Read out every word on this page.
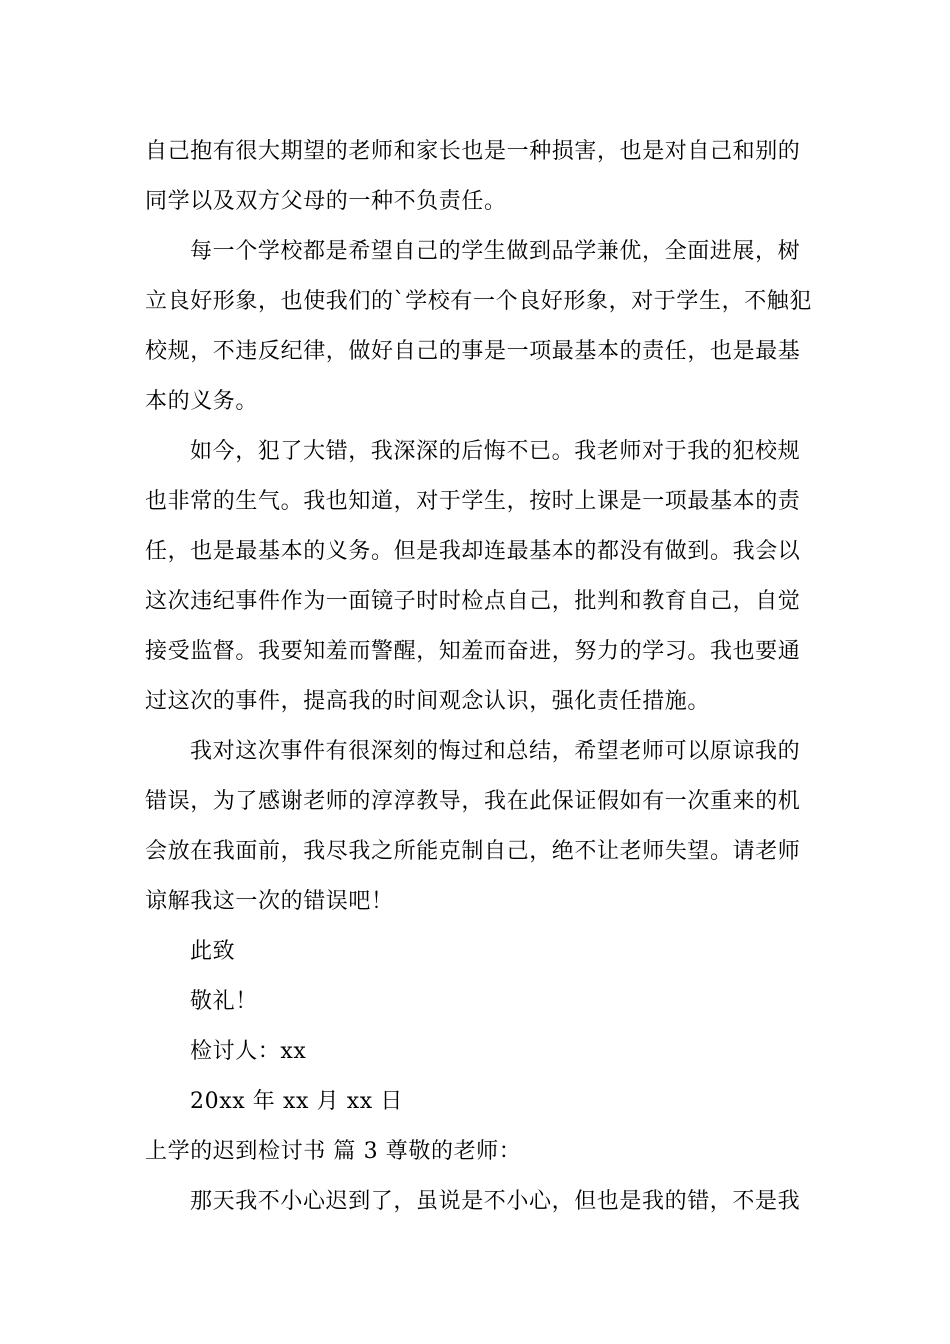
自己抱有很大期望的老师和家长也是一种损害，也是对自己和别的
同学以及双方父母的一种不负责任。
每一个学校都是希望自己的学生做到品学兼优，全面进展，树
立良好形象，也使我们的`学校有一个良好形象，对于学生，不触犯
校规，不违反纪律，做好自己的事是一项最基本的责任，也是最基
本的义务。
如今，犯了大错，我深深的后悔不已。我老师对于我的犯校规
也非常的生气。我也知道，对于学生，按时上课是一项最基本的责
任，也是最基本的义务。但是我却连最基本的都没有做到。我会以
这次违纪事件作为一面镜子时时检点自己，批判和教育自己，自觉
接受监督。我要知羞而警醒，知羞而奋进，努力的学习。我也要通
过这次的事件，提高我的时间观念认识，强化责任措施。
我对这次事件有很深刻的悔过和总结，希望老师可以原谅我的
错误，为了感谢老师的淳淳教导，我在此保证假如有一次重来的机
会放在我面前，我尽我之所能克制自己，绝不让老师失望。请老师
谅解我这一次的错误吧！
此致
敬礼！
检讨人：xx
20xx 年 xx 月 xx 日
上学的迟到检讨书 篇 3 尊敬的老师：
那天我不小心迟到了，虽说是不小心，但也是我的错，不是我
